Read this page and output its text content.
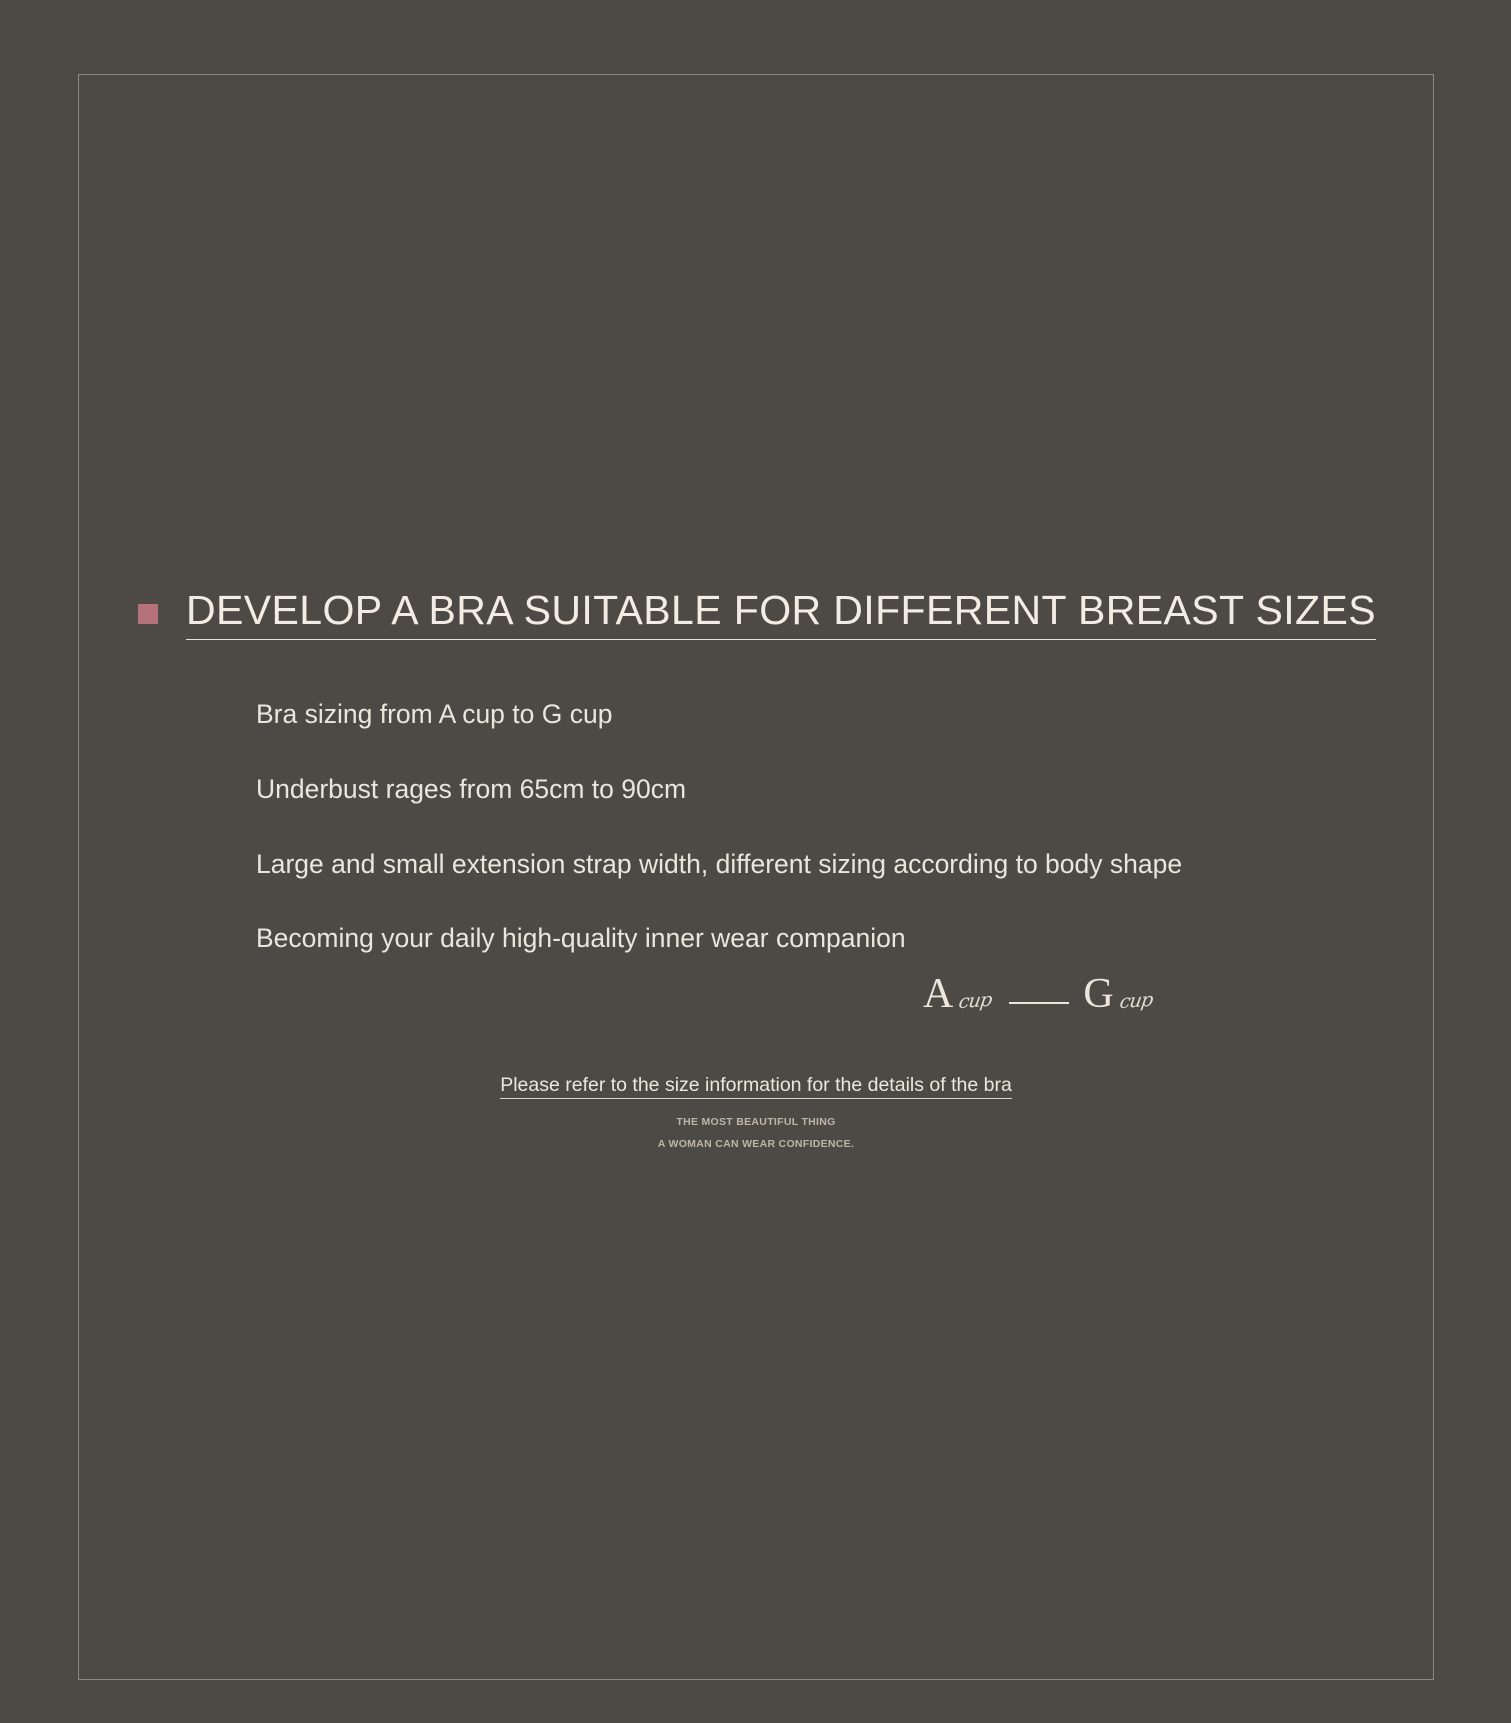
DEVELOP A BRA SUITABLE FOR DIFFERENT BREAST SIZES
Bra sizing from A cup to G cup
Underbust rages from 65cm to 90cm
Large and small extension strap width, different sizing according to body shape
Becoming your daily high-quality inner wear companion
A cup G cup
Please refer to the size information for the details of the bra
THE MOST BEAUTIFUL THING
A WOMAN CAN WEAR CONFIDENCE.
